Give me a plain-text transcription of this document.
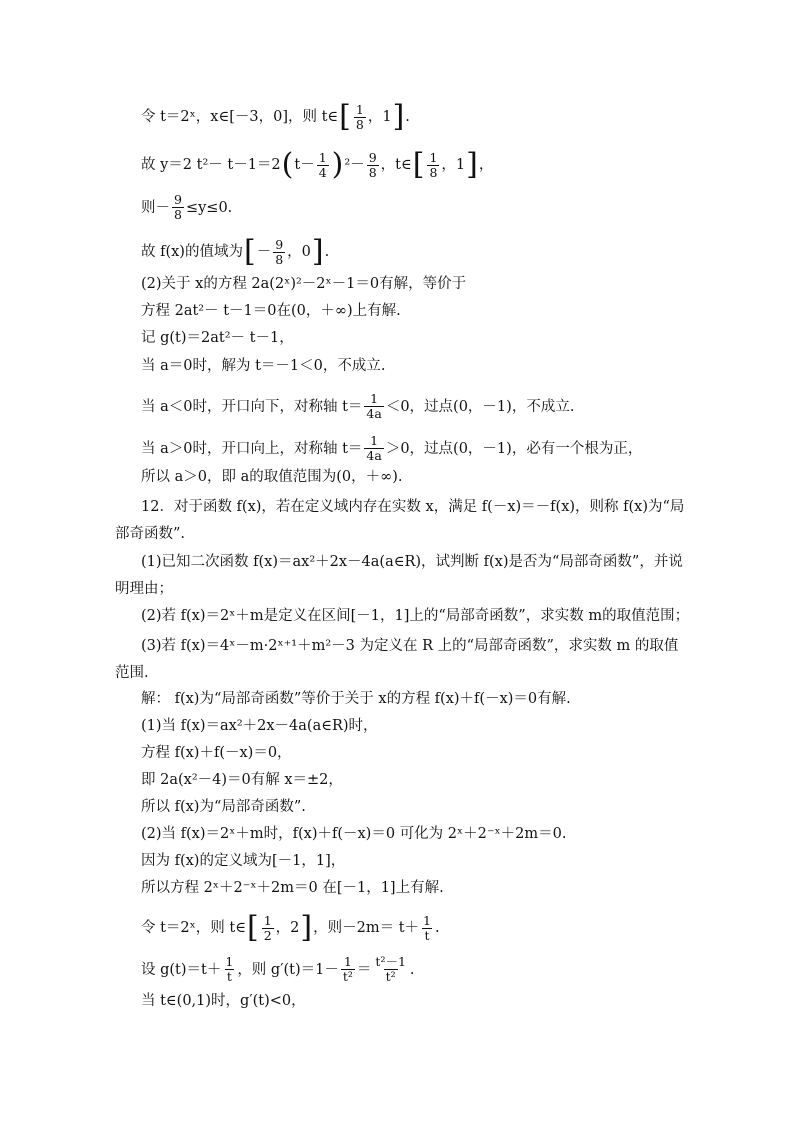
令 t＝2ˣ，x∈[－3，0]，则 t∈ [ $\frac{1}{8}$ ，1 ] .
故 y＝2 t²－ t－1＝2 ( $t- \frac{1}{4}$ ) $^2- \frac{9}{8}$ ，t∈ [ $\frac{1}{8}$ ，1 ] ，
则－ $\frac{9}{8} \le y\le 0$.
故 f(x)的值域为 [ － $\frac{9}{8}$ ，0 ] .
(2)关于 x的方程 2a(2ˣ)²－2ˣ－1＝0有解，等价于
方程 2at²－ t－1＝0在(0，＋∞)上有解.
记 g(t)＝2at²－ t－1，
当 a＝0时，解为 t＝－1＜0，不成立.
当 a＜0时，开口向下，对称轴 $t= \frac{1}{4a} <0$，过点(0，－1)，不成立.
当 a＞0时，开口向上，对称轴 $t= \frac{1}{4a} >0$，过点(0，－1)，必有一个根为正，
所以 a＞0，即 a的取值范围为(0，＋∞).
12．对于函数 f(x)，若在定义域内存在实数 x，满足 f(－x)＝－f(x)，则称 f(x)为“局部奇函数”.
(1)已知二次函数 f(x)＝ax²＋2x－4a(a∈R)，试判断 f(x)是否为“局部奇函数”，并说明理由；
(2)若 f(x)＝2ˣ＋m是定义在区间[－1，1]上的“局部奇函数”，求实数 m的取值范围；
(3)若 f(x)＝4ˣ－m·2ˣ⁺¹＋m²－3 为定义在 R 上的“局部奇函数”，求实数 m 的取值范围.
解： f(x)为“局部奇函数”等价于关于 x的方程 f(x)＋f(－x)＝0有解.
(1)当 f(x)＝ax²＋2x－4a(a∈R)时，
方程 f(x)＋f(－x)＝0，
即 2a(x²－4)＝0有解 x＝±2，
所以 f(x)为“局部奇函数”.
(2)当 f(x)＝2ˣ＋m时，f(x)＋f(－x)＝0 可化为 2ˣ＋2⁻ˣ＋2m＝0.
因为 f(x)的定义域为[－1，1]，
所以方程 2ˣ＋2⁻ˣ＋2m＝0 在[－1，1]上有解.
令 t＝2ˣ，则 t∈ [ $\frac{1}{2}$ ，2 ] ，则$-2m= t+ \frac{1}{t}$ .
设 $g(t)=t+ \frac{1}{t}$ ，则 $g'(t)=1- \frac{1}{\text{t²}} = \frac{\text{t²－1}}{\text{t²}}$ .
当 t∈(0,1)时，g′(t)<0，
